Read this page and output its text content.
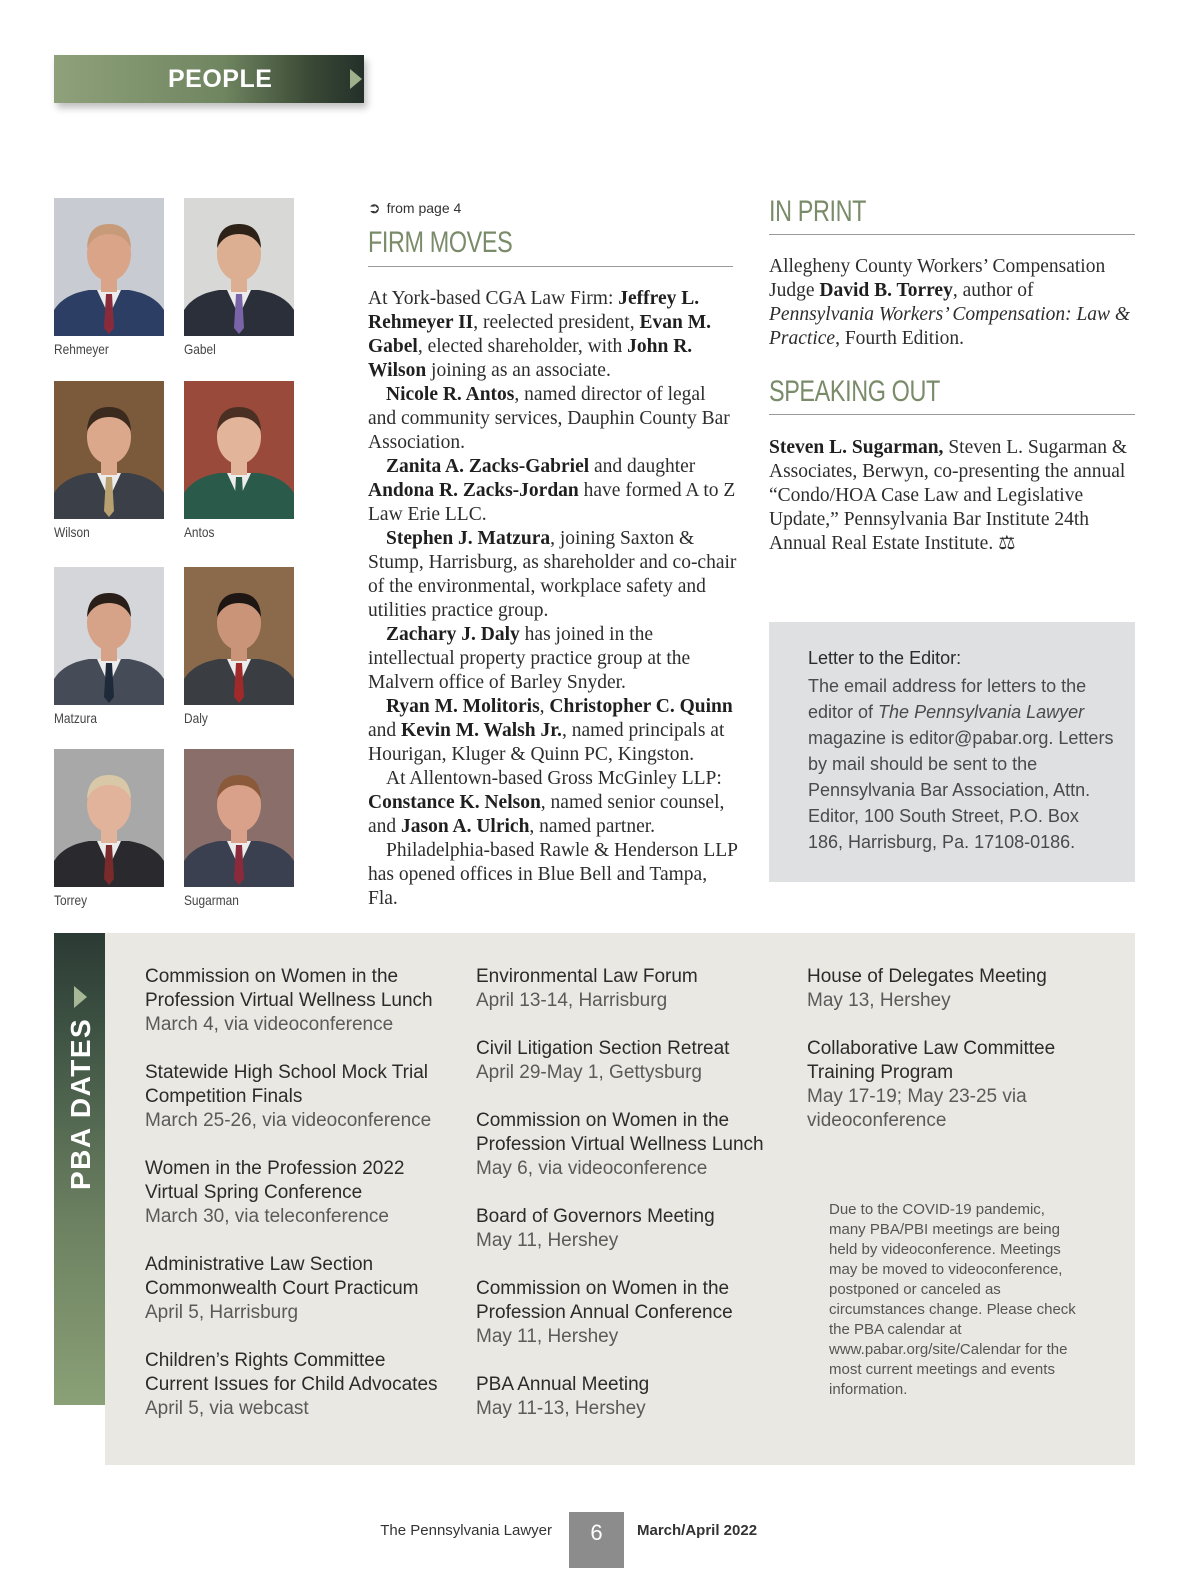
PEOPLE
Rehmeyer	Gabel
Wilson	Antos
Matzura	Daly
Torrey	Sugarman
➲ from page 4
FIRM MOVES

At York-based CGA Law Firm: Jeffrey L. Rehmeyer II, reelected president, Evan M. Gabel, elected shareholder, with John R. Wilson joining as an associate.

Nicole R. Antos, named director of legal and community services, Dauphin County Bar Association.

Zanita A. Zacks-Gabriel and daughter Andona R. Zacks-Jordan have formed A to Z Law Erie LLC.

Stephen J. Matzura, joining Saxton & Stump, Harrisburg, as shareholder and co-chair of the environmental, workplace safety and utilities practice group.

Zachary J. Daly has joined in the intellectual property practice group at the Malvern office of Barley Snyder.

Ryan M. Molitoris, Christopher C. Quinn and Kevin M. Walsh Jr., named principals at Hourigan, Kluger & Quinn PC, Kingston.

At Allentown-based Gross McGinley LLP: Constance K. Nelson, named senior counsel, and Jason A. Ulrich, named partner.

Philadelphia-based Rawle & Henderson LLP has opened offices in Blue Bell and Tampa, Fla.

IN PRINT

Allegheny County Workers’ Compensation Judge David B. Torrey, author of Pennsylvania Workers’ Compensation: Law & Practice, Fourth Edition.

SPEAKING OUT

Steven L. Sugarman, Steven L. Sugarman & Associates, Berwyn, co-presenting the annual “Condo/HOA Case Law and Legislative Update,” Pennsylvania Bar Institute 24th Annual Real Estate Institute. ⚖

Letter to the Editor:
The email address for letters to the editor of The Pennsylvania Lawyer magazine is editor@pabar.org. Letters by mail should be sent to the Pennsylvania Bar Association, Attn. Editor, 100 South Street, P.O. Box 186, Harrisburg, Pa. 17108-0186.
PBA DATES
Commission on Women in the Profession Virtual Wellness Lunch
March 4, via videoconference
Statewide High School Mock Trial Competition Finals
March 25-26, via videoconference
Women in the Profession 2022 Virtual Spring Conference
March 30, via teleconference
Administrative Law Section Commonwealth Court Practicum
April 5, Harrisburg
Children’s Rights Committee Current Issues for Child Advocates
April 5, via webcast
Environmental Law Forum
April 13-14, Harrisburg
Civil Litigation Section Retreat
April 29-May 1, Gettysburg
Commission on Women in the Profession Virtual Wellness Lunch
May 6, via videoconference
Board of Governors Meeting
May 11, Hershey
Commission on Women in the Profession Annual Conference
May 11, Hershey
PBA Annual Meeting
May 11-13, Hershey
House of Delegates Meeting
May 13, Hershey
Collaborative Law Committee Training Program
May 17-19; May 23-25 via videoconference
Due to the COVID-19 pandemic, many PBA/PBI meetings are being held by videoconference. Meetings may be moved to videoconference, postponed or canceled as circumstances change. Please check the PBA calendar at www.pabar.org/site/Calendar for the most current meetings and events information.
The Pennsylvania Lawyer	6	March/April 2022
